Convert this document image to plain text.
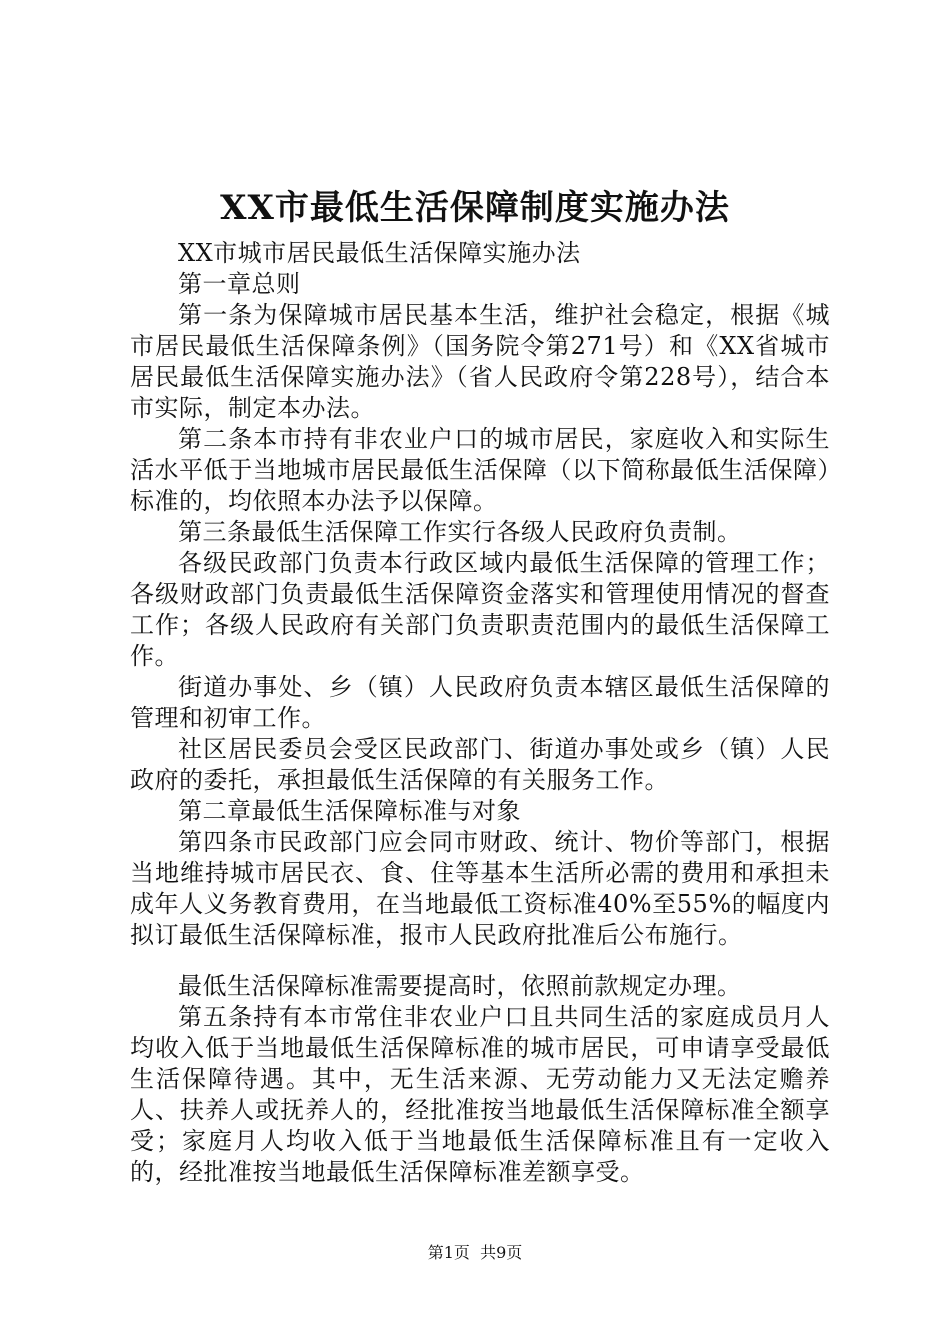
XX市最低生活保障制度实施办法

XX市城市居民最低生活保障实施办法

第一章总则

第一条为保障城市居民基本生活，维护社会稳定，根据《城市居民最低生活保障条例》（国务院令第271号）和《XX省城市居民最低生活保障实施办法》（省人民政府令第228号），结合本市实际，制定本办法。

第二条本市持有非农业户口的城市居民，家庭收入和实际生活水平低于当地城市居民最低生活保障（以下简称最低生活保障）标准的，均依照本办法予以保障。

第三条最低生活保障工作实行各级人民政府负责制。

各级民政部门负责本行政区域内最低生活保障的管理工作；各级财政部门负责最低生活保障资金落实和管理使用情况的督查工作；各级人民政府有关部门负责职责范围内的最低生活保障工作。

街道办事处、乡（镇）人民政府负责本辖区最低生活保障的管理和初审工作。

社区居民委员会受区民政部门、街道办事处或乡（镇）人民政府的委托，承担最低生活保障的有关服务工作。

第二章最低生活保障标准与对象

第四条市民政部门应会同市财政、统计、物价等部门，根据当地维持城市居民衣、食、住等基本生活所必需的费用和承担未成年人义务教育费用，在当地最低工资标准40%至55%的幅度内拟订最低生活保障标准，报市人民政府批准后公布施行。

最低生活保障标准需要提高时，依照前款规定办理。

第五条持有本市常住非农业户口且共同生活的家庭成员月人均收入低于当地最低生活保障标准的城市居民，可申请享受最低生活保障待遇。其中，无生活来源、无劳动能力又无法定赡养人、扶养人或抚养人的，经批准按当地最低生活保障标准全额享受；家庭月人均收入低于当地最低生活保障标准且有一定收入的，经批准按当地最低生活保障标准差额享受。

第1页  共9页
